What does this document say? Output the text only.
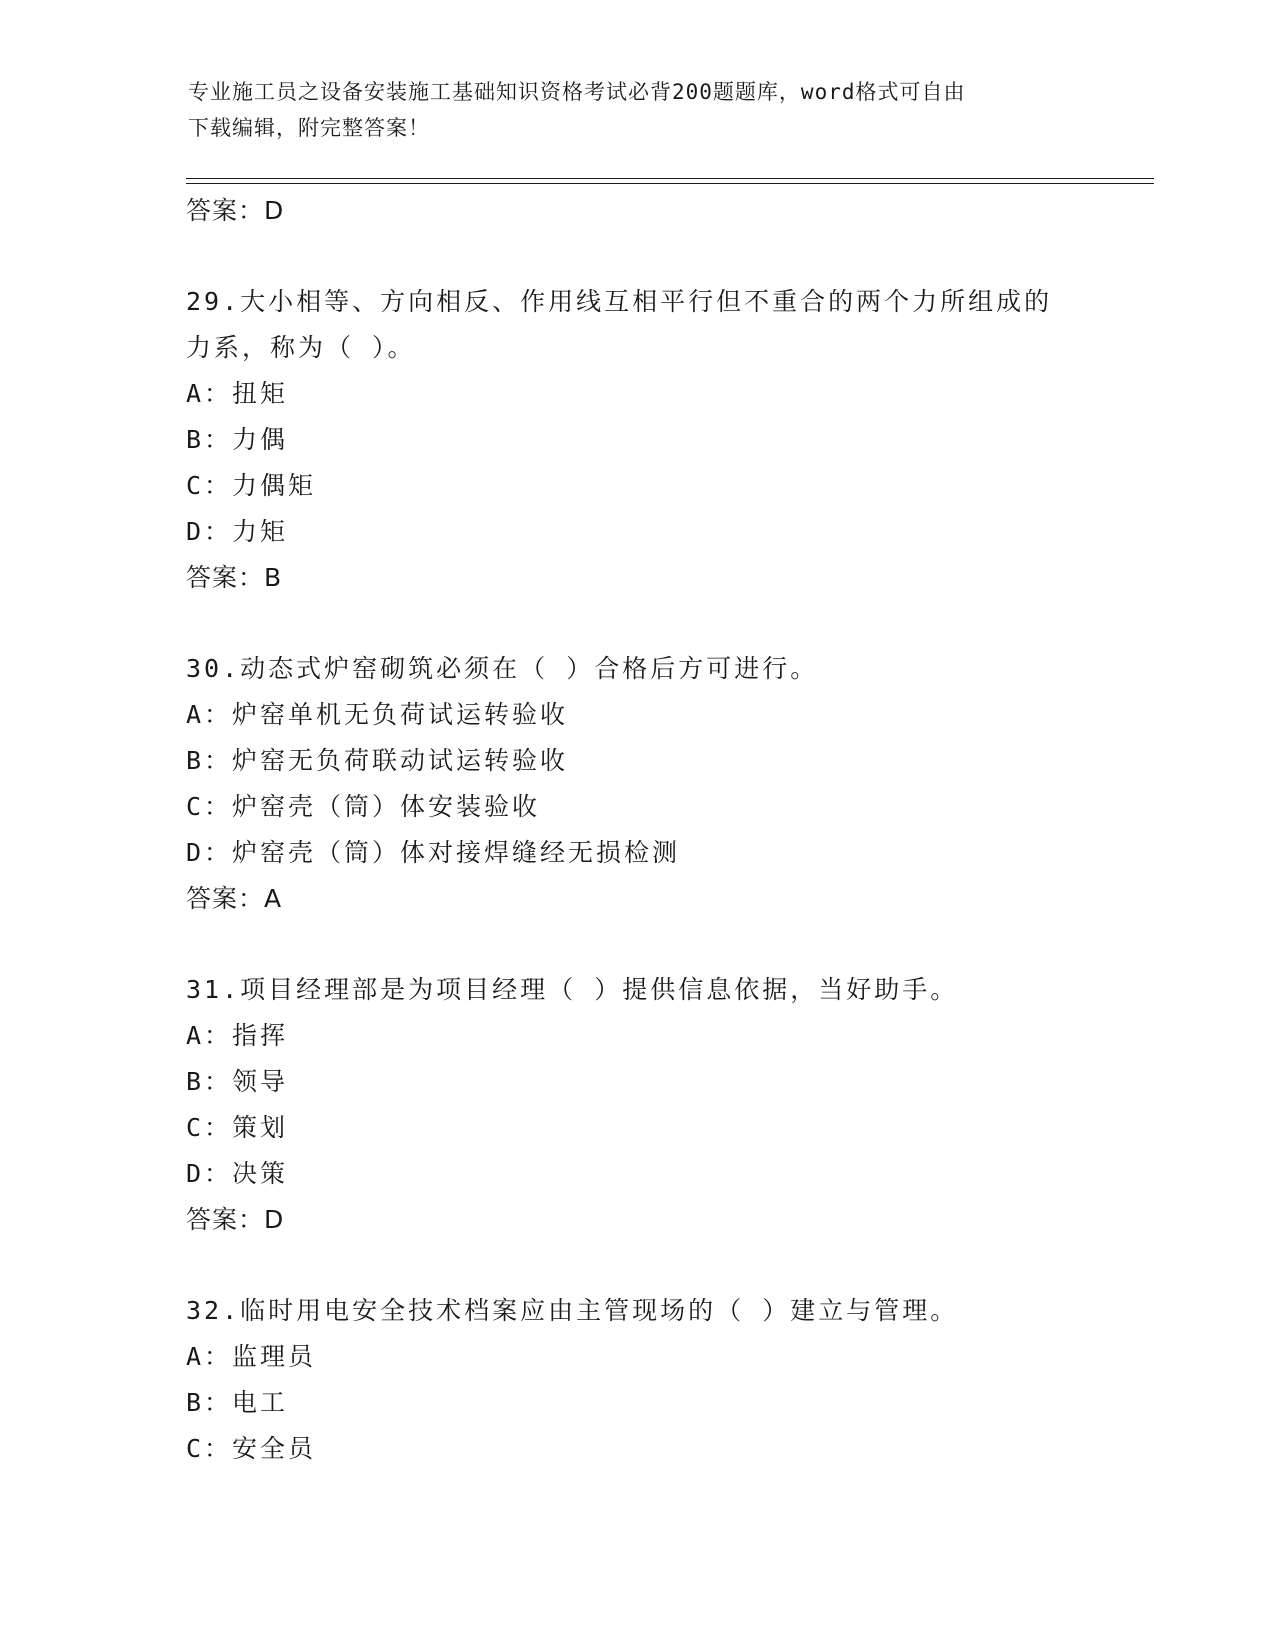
专业施工员之设备安装施工基础知识资格考试必背200题题库，word格式可自由
下载编辑，附完整答案！
答案：D
29.大小相等、方向相反、作用线互相平行但不重合的两个力所组成的
力系，称为（ ）。
A：扭矩
B：力偶
C：力偶矩
D：力矩
答案：B
30.动态式炉窑砌筑必须在（ ）合格后方可进行。
A：炉窑单机无负荷试运转验收
B：炉窑无负荷联动试运转验收
C：炉窑壳（筒）体安装验收
D：炉窑壳（筒）体对接焊缝经无损检测
答案：A
31.项目经理部是为项目经理（ ）提供信息依据，当好助手。
A：指挥
B：领导
C：策划
D：决策
答案：D
32.临时用电安全技术档案应由主管现场的（ ）建立与管理。
A：监理员
B：电工
C：安全员
